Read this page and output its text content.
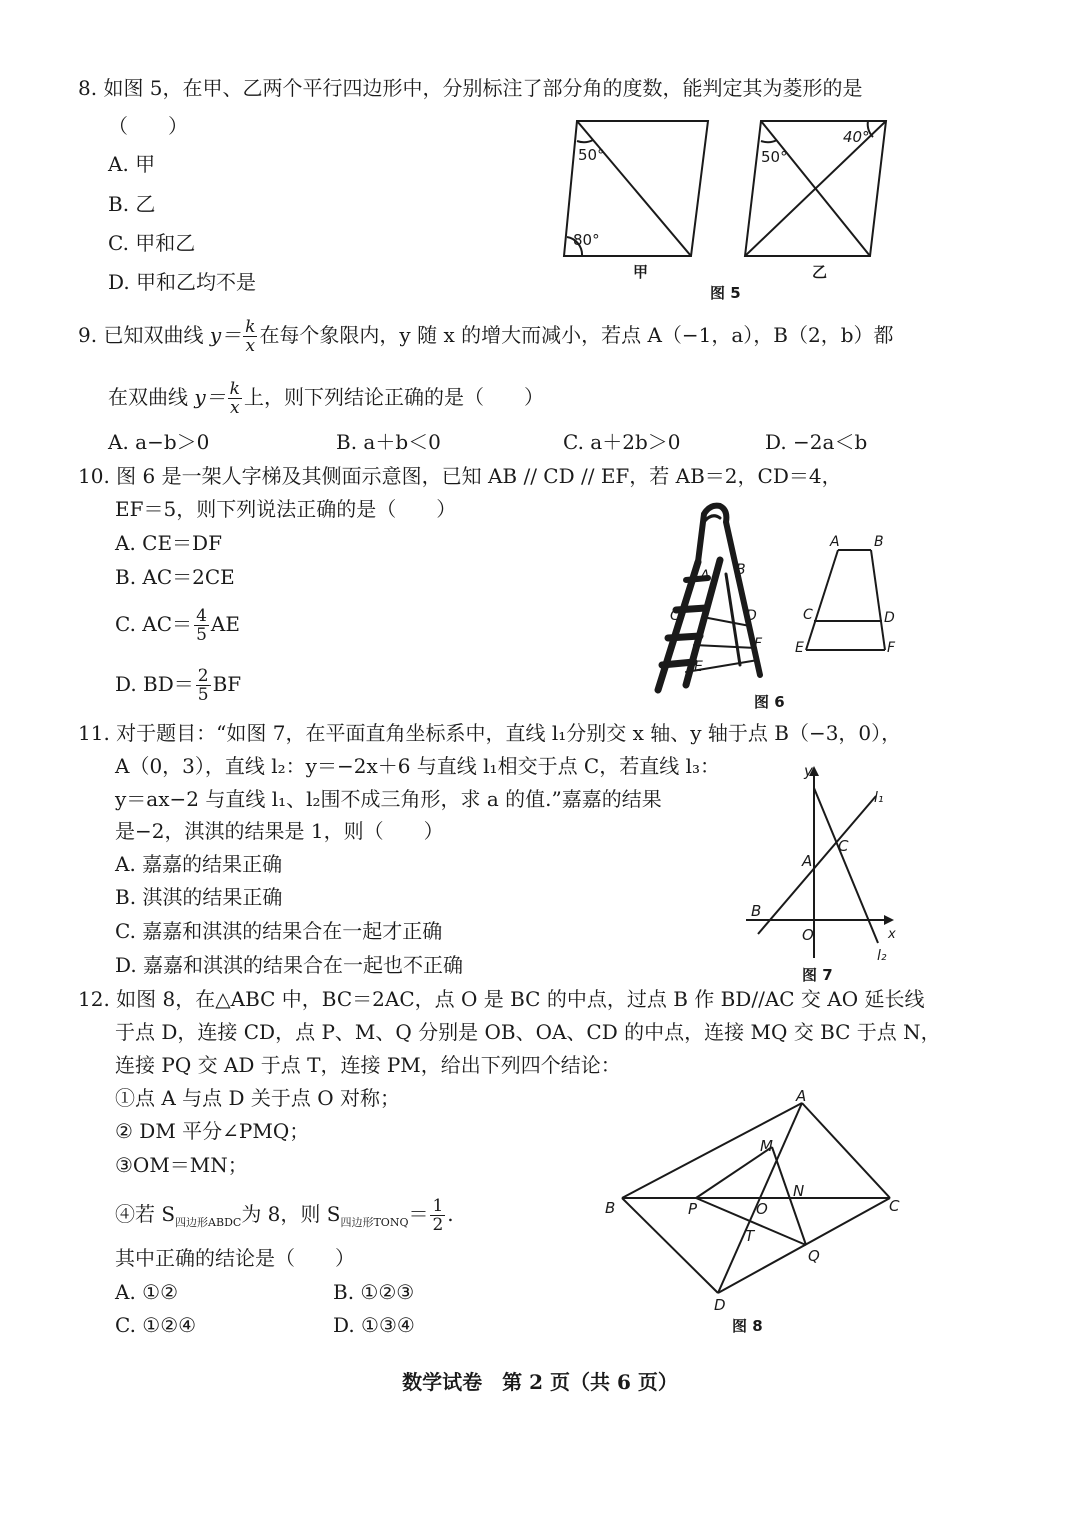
8. 如图 5，在甲、乙两个平行四边形中，分别标注了部分角的度数，能判定其为菱形的是
（　　）
A. 甲
B. 乙
C. 甲和乙
D. 甲和乙均不是
50°
80°
甲
50°
40°
乙
图 5
9. 已知双曲线 $y= \frac{k}{x}$ 在每个象限内，y 随 x 的增大而减小，若点 A（−1，a），B（2，b）都
在双曲线 $y= \frac{k}{x}$ 上，则下列结论正确的是（　　）
A. a−b＞0	B. a＋b＜0	C. a＋2b＞0	D. −2a＜b
10. 图 6 是一架人字梯及其侧面示意图，已知 AB // CD // EF，若 AB＝2，CD＝4，
EF＝5，则下列说法正确的是（　　）
A. CE＝DF
B. AC＝2CE
C. $AC= \frac{4}{5}$ AE
D. $BD= \frac{2}{5}$ BF
A B
C	D
E
F
A B
C	D
E	F
图 6
11. 对于题目：“如图 7，在平面直角坐标系中，直线 l₁分别交 x 轴、y 轴于点 B（−3，0），
A（0，3），直线 l₂：y＝−2x＋6 与直线 l₁相交于点 C，若直线 l₃：
y＝ax−2 与直线 l₁、l₂围不成三角形，求 a 的值.”嘉嘉的结果
是−2，淇淇的结果是 1，则（　　）
A. 嘉嘉的结果正确
B. 淇淇的结果正确
C. 嘉嘉和淇淇的结果合在一起才正确
D. 嘉嘉和淇淇的结果合在一起也不正确
y
x
l₁
l₂
A
C
B
O
图 7
12. 如图 8，在△ABC 中，BC＝2AC，点 O 是 BC 的中点，过点 B 作 BD//AC 交 AO 延长线
于点 D，连接 CD，点 P、M、Q 分别是 OB、OA、CD 的中点，连接 MQ 交 BC 于点 N，
连接 PQ 交 AD 于点 T，连接 PM，给出下列四个结论：
①点 A 与点 D 关于点 O 对称；
② DM 平分∠PMQ；
③OM＝MN；
④若 $S_{四边形ABDC}$为 8，则 $S_{四边形TONQ}= \frac{1}{2}$ .
其中正确的结论是（　　）
A. ①②	B. ①②③
C. ①②④	D. ①③④
A
B	C
D
M
N
O
P
Q
T
图 8
数学试卷　第 2 页（共 6 页）
